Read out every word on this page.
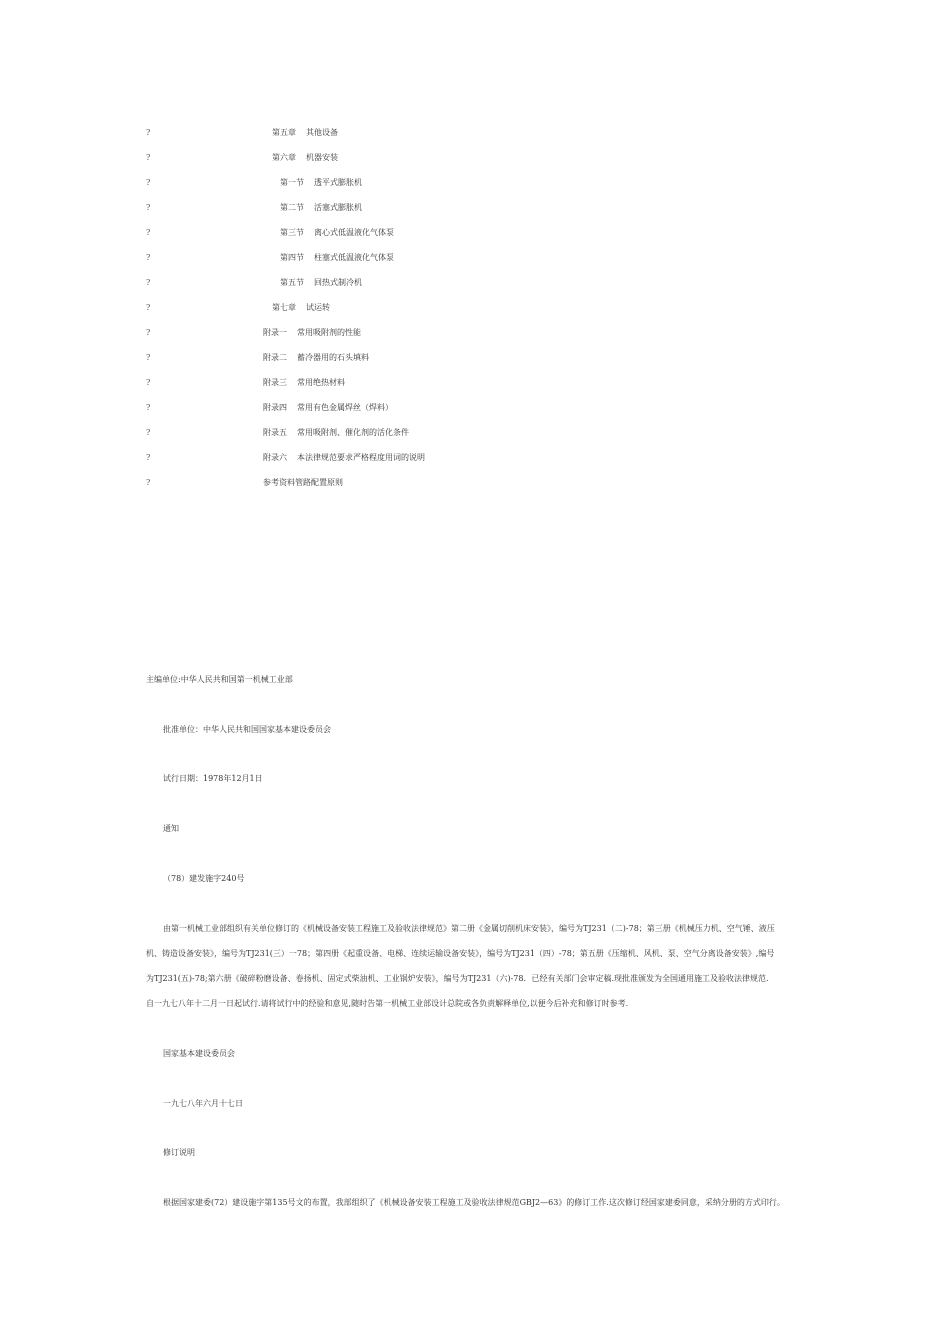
?	第五章 其他设备
?	第六章 机器安装
?	第一节 透平式膨胀机
?	第二节 活塞式膨胀机
?	第三节 离心式低温液化气体泵
?	第四节 柱塞式低温液化气体泵
?	第五节 回热式制冷机
?	第七章 试运转
?	附录一 常用吸附剂的性能
?	附录二 蓄冷器用的石头填料
?	附录三 常用绝热材料
?	附录四 常用有色金属焊丝（焊料）
?	附录五 常用吸附剂、催化剂的活化条件
?	附录六 本法律规范要求严格程度用词的说明
?	参考资料管路配置原则
主编单位:中华人民共和国第一机械工业部
批准单位：中华人民共和国国家基本建设委员会
试行日期：1978年12月1日
通知
（78）建发施字240号
由第一机械工业部组织有关单位修订的《机械设备安装工程施工及验收法律规范》第二册《金属切削机床安装》，编号为TJ231（二)-78；第三册《机械压力机、空气锤、液压
机、铸造设备安装》，编号为TJ231(三）一78；第四册《起重设备、电梯、连续运输设备安装》，编号为TJ231（四）-78；第五册《压缩机、风机、泵、空气分离设备安装》,编号
为TJ231(五)-78;第六册《破碎粉磨设备、卷扬机、固定式柴油机、工业锅炉安装》，编号为TJ231（六)-78．已经有关部门会审定稿.现批准颁发为全国通用施工及验收法律规范.
自一九七八年十二月一日起试行.请将试行中的经验和意见,随时告第一机械工业部设计总院或各负责解释单位,以便今后补充和修订时参考.
国家基本建设委员会
一九七八年六月十七日
修订说明
根据国家建委(72）建设施字第135号文的布置，我部组织了《机械设备安装工程施工及验收法律规范GBJ2—63》的修订工作.这次修订经国家建委同意，采纳分册的方式印行。
